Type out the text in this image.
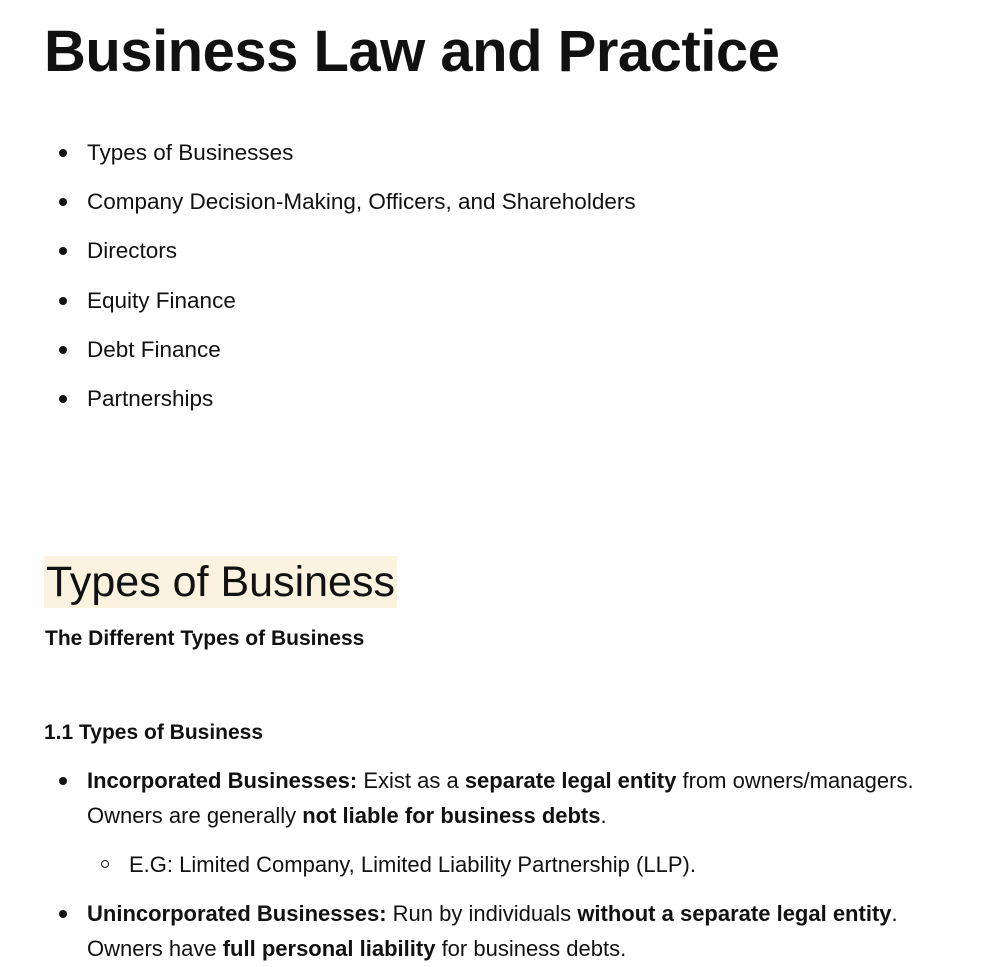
Business Law and Practice
Types of Businesses
Company Decision-Making, Officers, and Shareholders
Directors
Equity Finance
Debt Finance
Partnerships
Types of Business
The Different Types of Business
1.1 Types of Business
Incorporated Businesses: Exist as a separate legal entity from owners/managers. Owners are generally not liable for business debts.
E.G: Limited Company, Limited Liability Partnership (LLP).
Unincorporated Businesses: Run by individuals without a separate legal entity. Owners have full personal liability for business debts.
